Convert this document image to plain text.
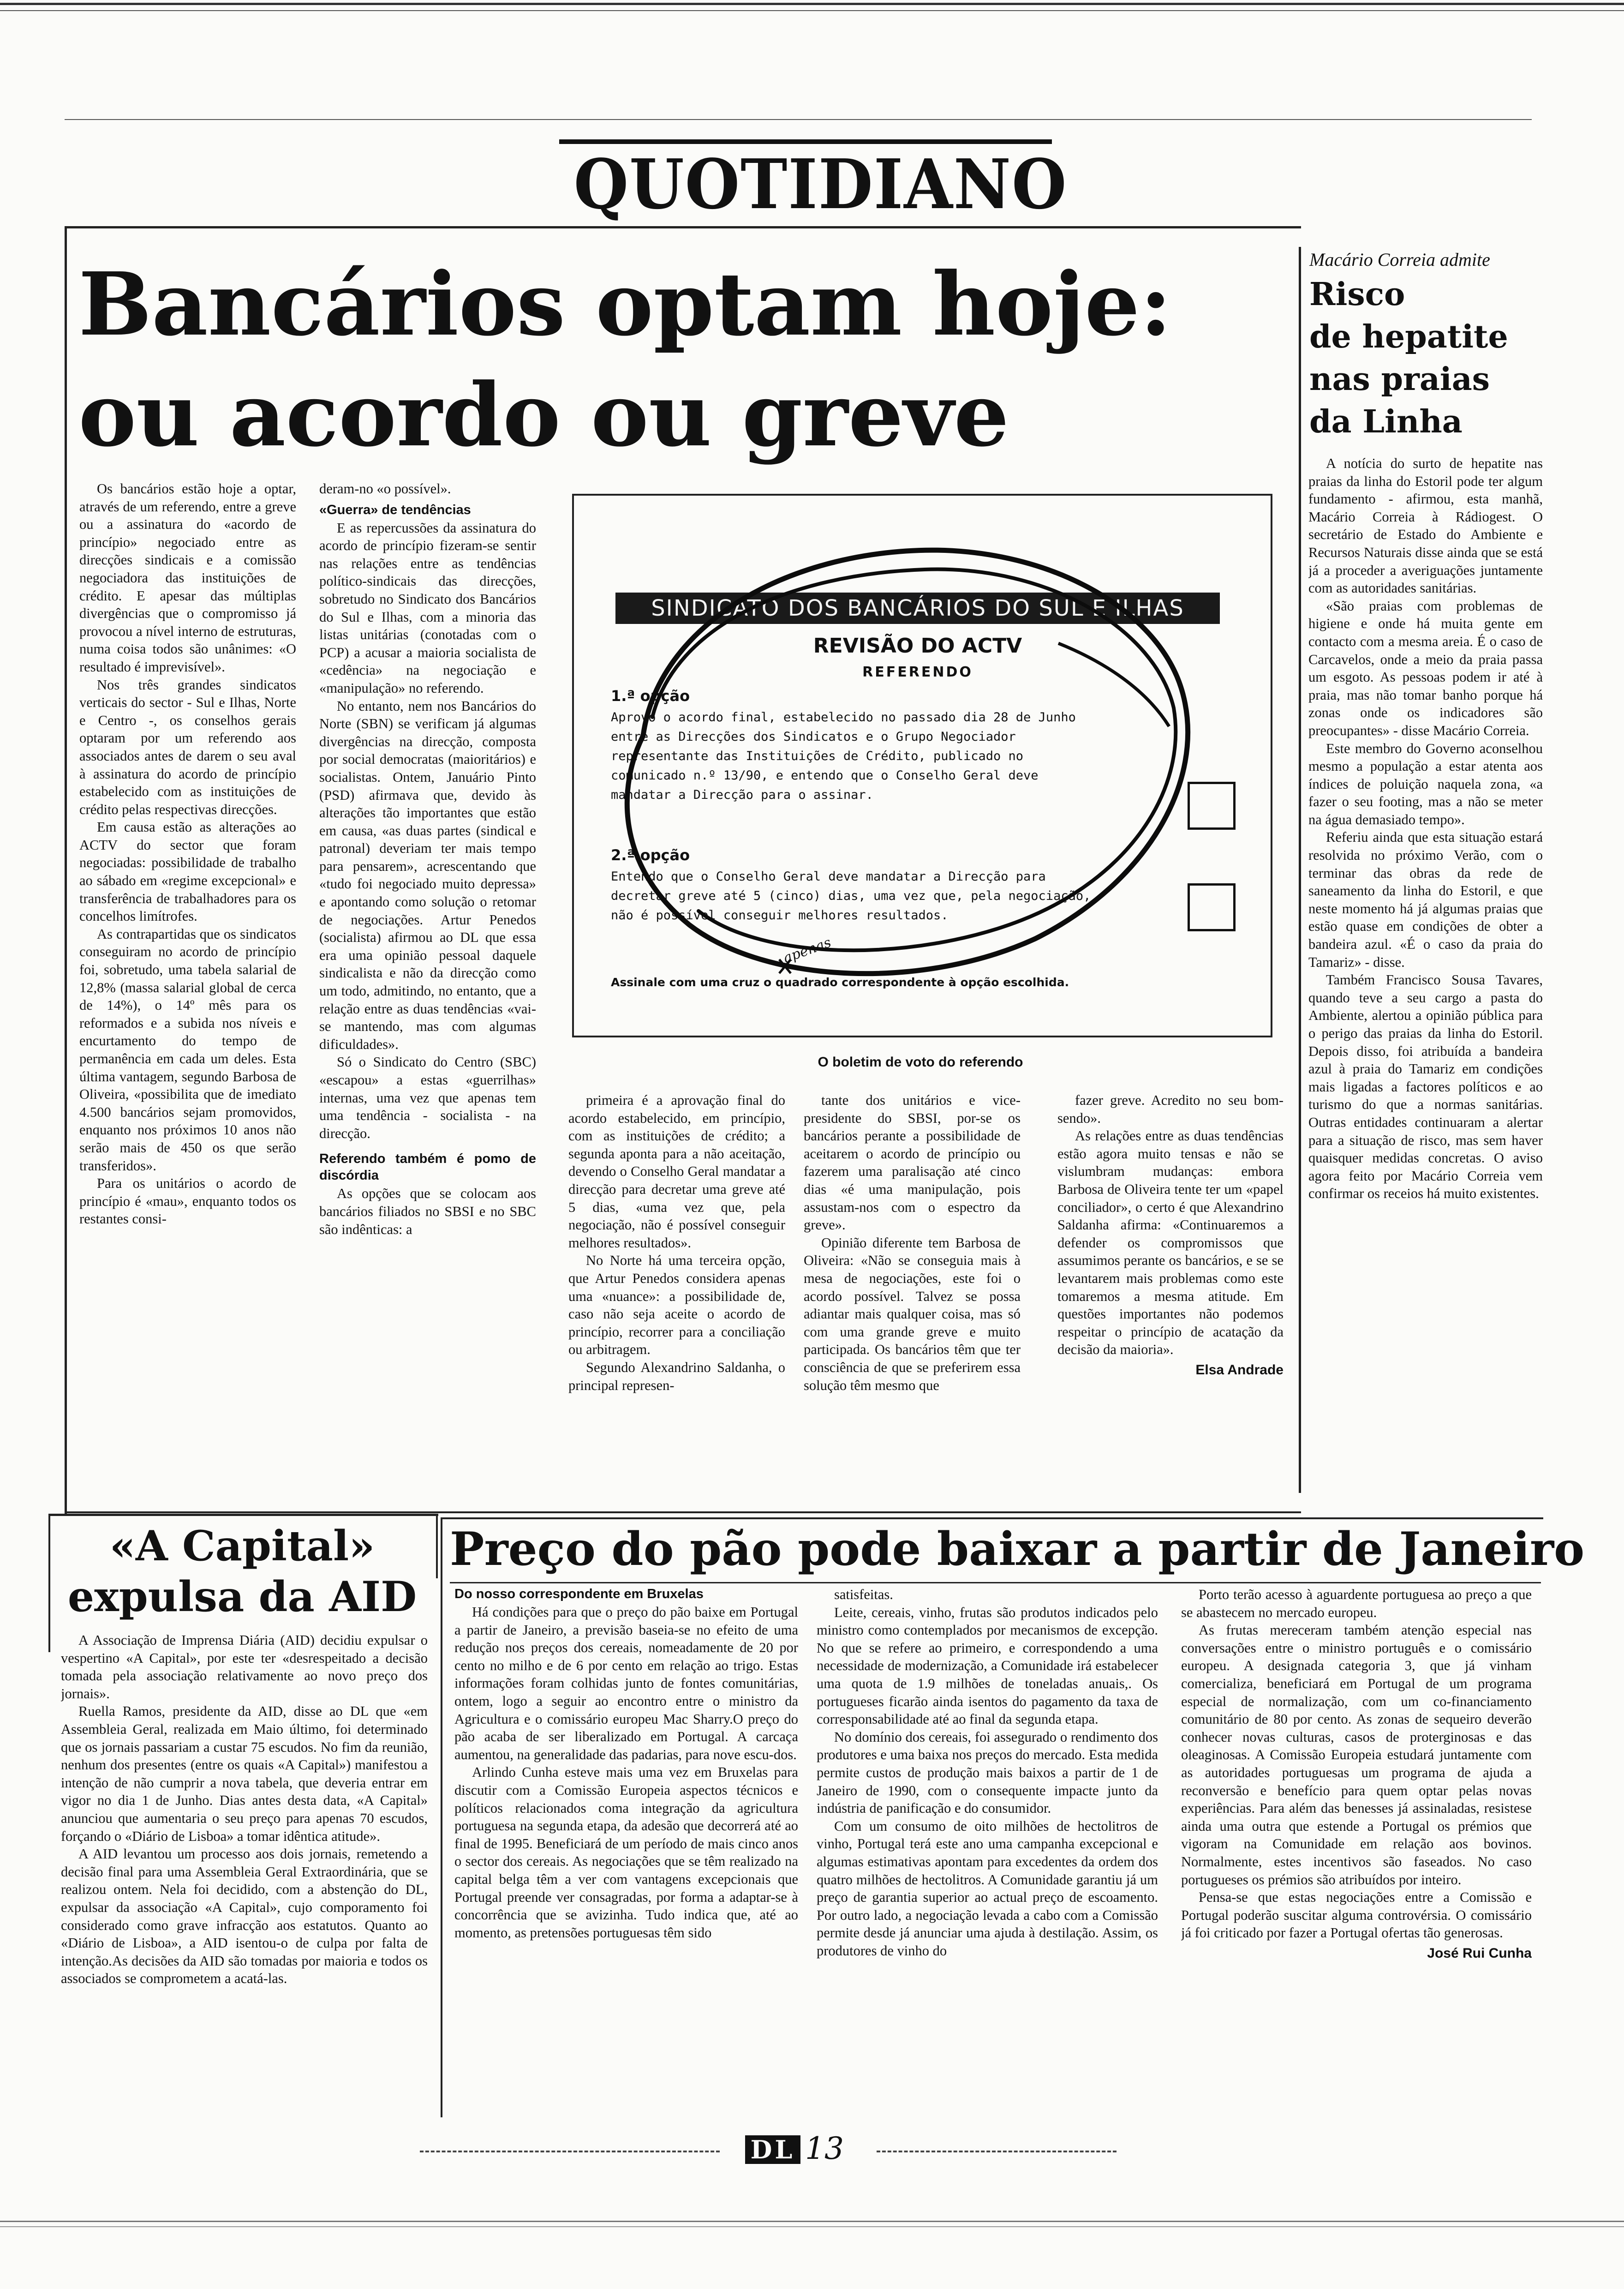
QUOTIDIANO
Bancários optam hoje:
ou acordo ou greve

Os bancários estão hoje a optar, através de um referendo, entre a greve ou a assinatura do «acordo de princípio» negociado entre as direcções sindicais e a comissão negociadora das instituições de crédito. E apesar das múltiplas divergências que o compromisso já provocou a nível interno de estruturas, numa coisa todos são unânimes: «O resultado é imprevisível».

Nos três grandes sindicatos verticais do sector - Sul e Ilhas, Norte e Centro -, os conselhos gerais optaram por um referendo aos associados antes de darem o seu aval à assinatura do acordo de princípio estabelecido com as instituições de crédito pelas respectivas direcções.

Em causa estão as alterações ao ACTV do sector que foram negociadas: possibilidade de trabalho ao sábado em «regime excepcional» e transferência de trabalhadores para os concelhos limítrofes.

As contrapartidas que os sindicatos conseguiram no acordo de princípio foi, sobretudo, uma tabela salarial de 12,8% (massa salarial global de cerca de 14%), o 14º mês para os reformados e a subida nos níveis e encurtamento do tempo de permanência em cada um deles. Esta última vantagem, segundo Barbosa de Oliveira, «possibilita que de imediato 4.500 bancários sejam promovidos, enquanto nos próximos 10 anos não serão mais de 450 os que serão transferidos».

Para os unitários o acordo de princípio é «mau», enquanto todos os restantes consi-

deram-no «o possível».

«Guerra» de tendências

E as repercussões da assinatura do acordo de princípio fizeram-se sentir nas relações entre as tendências político-sindicais das direcções, sobretudo no Sindicato dos Bancários do Sul e Ilhas, com a minoria das listas unitárias (conotadas com o PCP) a acusar a maioria socialista de «cedência» na negociação e «manipulação» no referendo.

No entanto, nem nos Bancários do Norte (SBN) se verificam já algumas divergências na direcção, composta por social democratas (maioritários) e socialistas. Ontem, Januário Pinto (PSD) afirmava que, devido às alterações tão importantes que estão em causa, «as duas partes (sindical e patronal) deveriam ter mais tempo para pensarem», acrescentando que «tudo foi negociado muito depressa» e apontando como solução o retomar de negociações. Artur Penedos (socialista) afirmou ao DL que essa era uma opinião pessoal daquele sindicalista e não da direcção como um todo, admitindo, no entanto, que a relação entre as duas tendências «vai-se mantendo, mas com algumas dificuldades».

Só o Sindicato do Centro (SBC) «escapou» a estas «guerrilhas» internas, uma vez que apenas tem uma tendência - socialista - na direcção.

Referendo também é pomo de discórdia

As opções que se colocam aos bancários filiados no SBSI e no SBC são indênticas: a

SINDICATO DOS BANCÁRIOS DO SUL E ILHAS
REVISÃO DO ACTV
REFERENDO
1.ª opção
Aprovo o acordo final, estabelecido no passado dia 28 de Junho
entre as Direcções dos Sindicatos e o Grupo Negociador
representante das Instituições de Crédito, publicado no
comunicado n.º 13/90, e entendo que o Conselho Geral deve
mandatar a Direcção para o assinar.
2.ª opção
Entendo que o Conselho Geral deve mandatar a Direcção para
decretar greve até 5 (cinco) dias, uma vez que, pela negociação,
não é possível conseguir melhores resultados.
apenas
Assinale com uma cruz o quadrado correspondente à opção escolhida.
O boletim de voto do referendo

primeira é a aprovação final do acordo estabelecido, em princípio, com as instituições de crédito; a segunda aponta para a não aceitação, devendo o Conselho Geral mandatar a direcção para decretar uma greve até 5 dias, «uma vez que, pela negociação, não é possível conseguir melhores resultados».

No Norte há uma terceira opção, que Artur Penedos considera apenas uma «nuance»: a possibilidade de, caso não seja aceite o acordo de princípio, recorrer para a conciliação ou arbitragem.

Segundo Alexandrino Saldanha, o principal represen-

tante dos unitários e vice-presidente do SBSI, por-se os bancários perante a possibilidade de aceitarem o acordo de princípio ou fazerem uma paralisação até cinco dias «é uma manipulação, pois assustam-nos com o espectro da greve».

Opinião diferente tem Barbosa de Oliveira: «Não se conseguia mais à mesa de negociações, este foi o acordo possível. Talvez se possa adiantar mais qualquer coisa, mas só com uma grande greve e muito participada. Os bancários têm que ter consciência de que se preferirem essa solução têm mesmo que

fazer greve. Acredito no seu bom-sendo».

As relações entre as duas tendências estão agora muito tensas e não se vislumbram mudanças: embora Barbosa de Oliveira tente ter um «papel conciliador», o certo é que Alexandrino Saldanha afirma: «Continuaremos a defender os compromissos que assumimos perante os bancários, e se se levantarem mais problemas como este tomaremos a mesma atitude. Em questões importantes não podemos respeitar o princípio de acatação da decisão da maioria».

Elsa Andrade
Macário Correia admite
Risco
de hepatite
nas praias
da Linha

A notícia do surto de hepatite nas praias da linha do Estoril pode ter algum fundamento - afirmou, esta manhã, Macário Correia à Rádiogest. O secretário de Estado do Ambiente e Recursos Naturais disse ainda que se está já a proceder a averiguações juntamente com as autoridades sanitárias.

«São praias com problemas de higiene e onde há muita gente em contacto com a mesma areia. É o caso de Carcavelos, onde a meio da praia passa um esgoto. As pessoas podem ir até à praia, mas não tomar banho porque há zonas onde os indicadores são preocupantes» - disse Macário Correia.

Este membro do Governo aconselhou mesmo a população a estar atenta aos índices de poluição naquela zona, «a fazer o seu footing, mas a não se meter na água demasiado tempo».

Referiu ainda que esta situação estará resolvida no próximo Verão, com o terminar das obras da rede de saneamento da linha do Estoril, e que neste momento há já algumas praias que estão quase em condições de obter a bandeira azul. «É o caso da praia do Tamariz» - disse.

Também Francisco Sousa Tavares, quando teve a seu cargo a pasta do Ambiente, alertou a opinião pública para o perigo das praias da linha do Estoril. Depois disso, foi atribuída a bandeira azul à praia do Tamariz em condições mais ligadas a factores políticos e ao turismo do que a normas sanitárias. Outras entidades continuaram a alertar para a situação de risco, mas sem haver quaisquer medidas concretas. O aviso agora feito por Macário Correia vem confirmar os receios há muito existentes.

«A Capital»
expulsa da AID

A Associação de Imprensa Diária (AID) decidiu expulsar o vespertino «A Capital», por este ter «desrespeitado a decisão tomada pela associação relativamente ao novo preço dos jornais».

Ruella Ramos, presidente da AID, disse ao DL que «em Assembleia Geral, realizada em Maio último, foi determinado que os jornais passariam a custar 75 escudos. No fim da reunião, nenhum dos presentes (entre os quais «A Capital») manifestou a intenção de não cumprir a nova tabela, que deveria entrar em vigor no dia 1 de Junho. Dias antes desta data, «A Capital» anunciou que aumentaria o seu preço para apenas 70 escudos, forçando o «Diário de Lisboa» a tomar idêntica atitude».

A AID levantou um processo aos dois jornais, remetendo a decisão final para uma Assembleia Geral Extraordinária, que se realizou ontem. Nela foi decidido, com a abstenção do DL, expulsar da associação «A Capital», cujo comporamento foi considerado como grave infracção aos estatutos. Quanto ao «Diário de Lisboa», a AID isentou-o de culpa por falta de intenção.As decisões da AID são tomadas por maioria e todos os associados se comprometem a acatá-las.

Preço do pão pode baixar a partir de Janeiro
Do nosso correspondente em Bruxelas

Há condições para que o preço do pão baixe em Portugal a partir de Janeiro, a previsão baseia-se no efeito de uma redução nos preços dos cereais, nomeadamente de 20 por cento no milho e de 6 por cento em relação ao trigo. Estas informações foram colhidas junto de fontes comunitárias, ontem, logo a seguir ao encontro entre o ministro da Agricultura e o comissário europeu Mac Sharry.O preço do pão acaba de ser liberalizado em Portugal. A carcaça aumentou, na generalidade das padarias, para nove escu-dos.

Arlindo Cunha esteve mais uma vez em Bruxelas para discutir com a Comissão Europeia aspectos técnicos e políticos relacionados coma integração da agricultura portuguesa na segunda etapa, da adesão que decorrerá até ao final de 1995. Beneficiará de um período de mais cinco anos o sector dos cereais. As negociações que se têm realizado na capital belga têm a ver com vantagens excepcionais que Portugal preende ver consagradas, por forma a adaptar-se à concorrência que se avizinha. Tudo indica que, até ao momento, as pretensões portuguesas têm sido

satisfeitas.

Leite, cereais, vinho, frutas são produtos indicados pelo ministro como contemplados por mecanismos de excepção. No que se refere ao primeiro, e correspondendo a uma necessidade de modernização, a Comunidade irá estabelecer uma quota de 1.9 milhões de toneladas anuais,. Os portugueses ficarão ainda isentos do pagamento da taxa de corresponsabilidade até ao final da segunda etapa.

No domínio dos cereais, foi assegurado o rendimento dos produtores e uma baixa nos preços do mercado. Esta medida permite custos de produção mais baixos a partir de 1 de Janeiro de 1990, com o consequente impacte junto da indústria de panificação e do consumidor.

Com um consumo de oito milhões de hectolitros de vinho, Portugal terá este ano uma campanha excepcional e algumas estimativas apontam para excedentes da ordem dos quatro milhões de hectolitros. A Comunidade garantiu já um preço de garantia superior ao actual preço de escoamento. Por outro lado, a negociação levada a cabo com a Comissão permite desde já anunciar uma ajuda à destilação. Assim, os produtores de vinho do

Porto terão acesso à aguardente portuguesa ao preço a que se abastecem no mercado europeu.

As frutas mereceram também atenção especial nas conversações entre o ministro português e o comissário europeu. A designada categoria 3, que já vinham comercializa, beneficiará em Portugal de um programa especial de normalização, com um co-financiamento comunitário de 80 por cento. As zonas de sequeiro deverão conhecer novas culturas, casos de proterginosas e das oleaginosas. A Comissão Europeia estudará juntamente com as autoridades portuguesas um programa de ajuda a reconversão e benefício para quem optar pelas novas experiências. Para além das benesses já assinaladas, resistese ainda uma outra que estende a Portugal os prémios que vigoram na Comunidade em relação aos bovinos. Normalmente, estes incentivos são faseados. No caso portugueses os prémios são atribuídos por inteiro.

Pensa-se que estas negociações entre a Comissão e Portugal poderão suscitar alguma controvérsia. O comissário já foi criticado por fazer a Portugal ofertas tão generosas.

José Rui Cunha
DL 13
